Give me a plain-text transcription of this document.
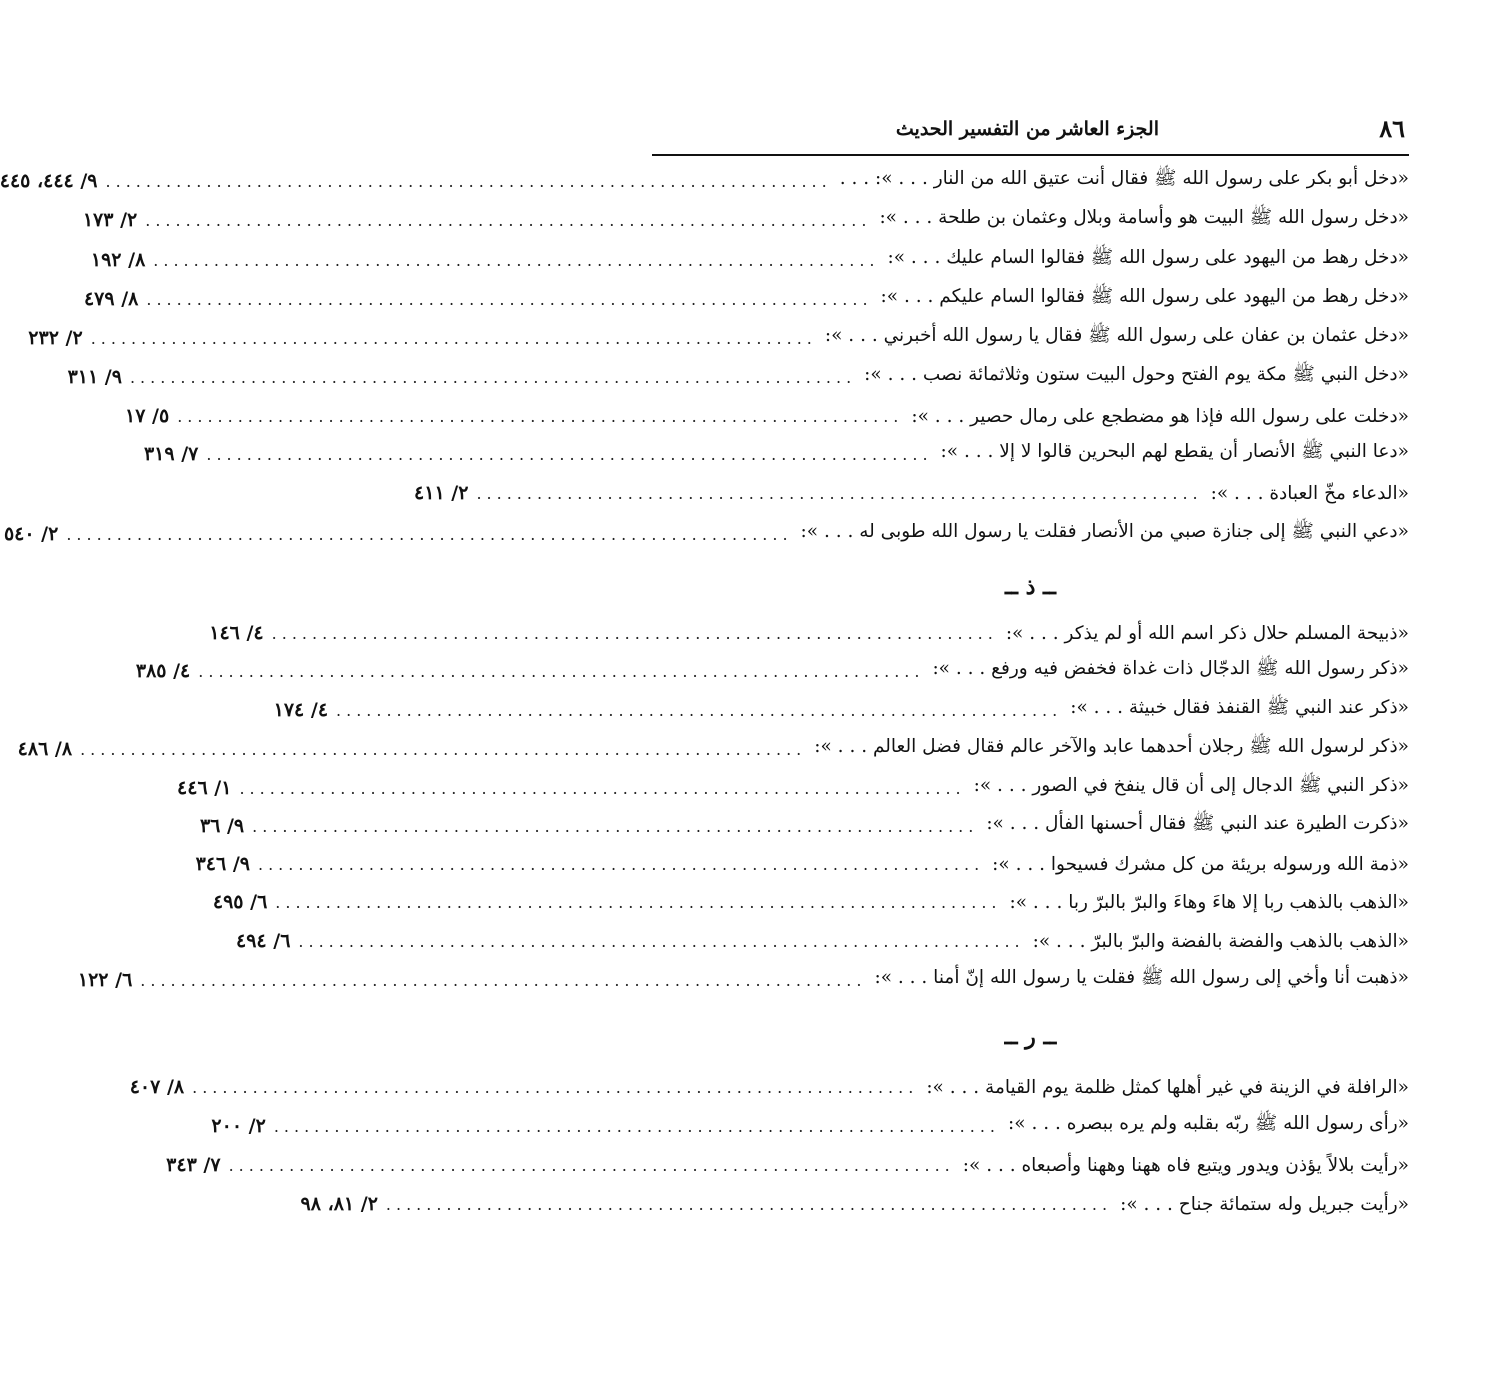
٨٦
الجزء العاشر من التفسير الحديث
«دخل أبو بكر على رسول الله ﷺ فقال أنت عتيق الله من النار . . . »: . . .
........................................................................
٩/ ٤٤٤، ٤٤٥
«دخل رسول الله ﷺ البيت هو وأسامة وبلال وعثمان بن طلحة . . . »:
........................................................................
٢/ ١٧٣
«دخل رهط من اليهود على رسول الله ﷺ فقالوا السام عليك . . . »:
........................................................................
٨/ ١٩٢
«دخل رهط من اليهود على رسول الله ﷺ فقالوا السام عليكم . . . »:
........................................................................
٨/ ٤٧٩
«دخل عثمان بن عفان على رسول الله ﷺ فقال يا رسول الله أخبرني . . . »:
........................................................................
٢/ ٢٣٢
«دخل النبي ﷺ مكة يوم الفتح وحول البيت ستون وثلاثمائة نصب . . . »:
........................................................................
٩/ ٣١١
«دخلت على رسول الله فإذا هو مضطجع على رمال حصير . . . »:
........................................................................
٥/ ١٧
«دعا النبي ﷺ الأنصار أن يقطع لهم البحرين قالوا لا إلا . . . »:
........................................................................
٧/ ٣١٩
«الدعاء مخّ العبادة . . . »:
........................................................................
٢/ ٤١١
«دعي النبي ﷺ إلى جنازة صبي من الأنصار فقلت يا رسول الله طوبى له . . . »:
........................................................................
٢/ ٥٤٠
ــ ذ ــ
«ذبيحة المسلم حلال ذكر اسم الله أو لم يذكر . . . »:
........................................................................
٤/ ١٤٦
«ذكر رسول الله ﷺ الدجّال ذات غداة فخفض فيه ورفع . . . »:
........................................................................
٤/ ٣٨٥
«ذكر عند النبي ﷺ القنفذ فقال خبيثة . . . »:
........................................................................
٤/ ١٧٤
«ذكر لرسول الله ﷺ رجلان أحدهما عابد والآخر عالم فقال فضل العالم . . . »:
........................................................................
٨/ ٤٨٦
«ذكر النبي ﷺ الدجال إلى أن قال ينفخ في الصور . . . »:
........................................................................
١/ ٤٤٦
«ذكرت الطيرة عند النبي ﷺ فقال أحسنها الفأل . . . »:
........................................................................
٩/ ٣٦
«ذمة الله ورسوله بريئة من كل مشرك فسيحوا . . . »:
........................................................................
٩/ ٣٤٦
«الذهب بالذهب ربا إلا هاءَ وهاءَ والبرّ بالبرّ ربا . . . »:
........................................................................
٦/ ٤٩٥
«الذهب بالذهب والفضة بالفضة والبرّ بالبرّ . . . »:
........................................................................
٦/ ٤٩٤
«ذهبت أنا وأخي إلى رسول الله ﷺ فقلت يا رسول الله إنّ أمنا . . . »:
........................................................................
٦/ ١٢٢
ــ ر ــ
«الرافلة في الزينة في غير أهلها كمثل ظلمة يوم القيامة . . . »:
........................................................................
٨/ ٤٠٧
«رأى رسول الله ﷺ ربّه بقلبه ولم يره ببصره . . . »:
........................................................................
٢/ ٢٠٠
«رأيت بلالاً يؤذن ويدور ويتبع فاه ههنا وههنا وأصبعاه . . . »:
........................................................................
٧/ ٣٤٣
«رأيت جبريل وله ستمائة جناح . . . »:
........................................................................
٢/ ٨١، ٩٨
